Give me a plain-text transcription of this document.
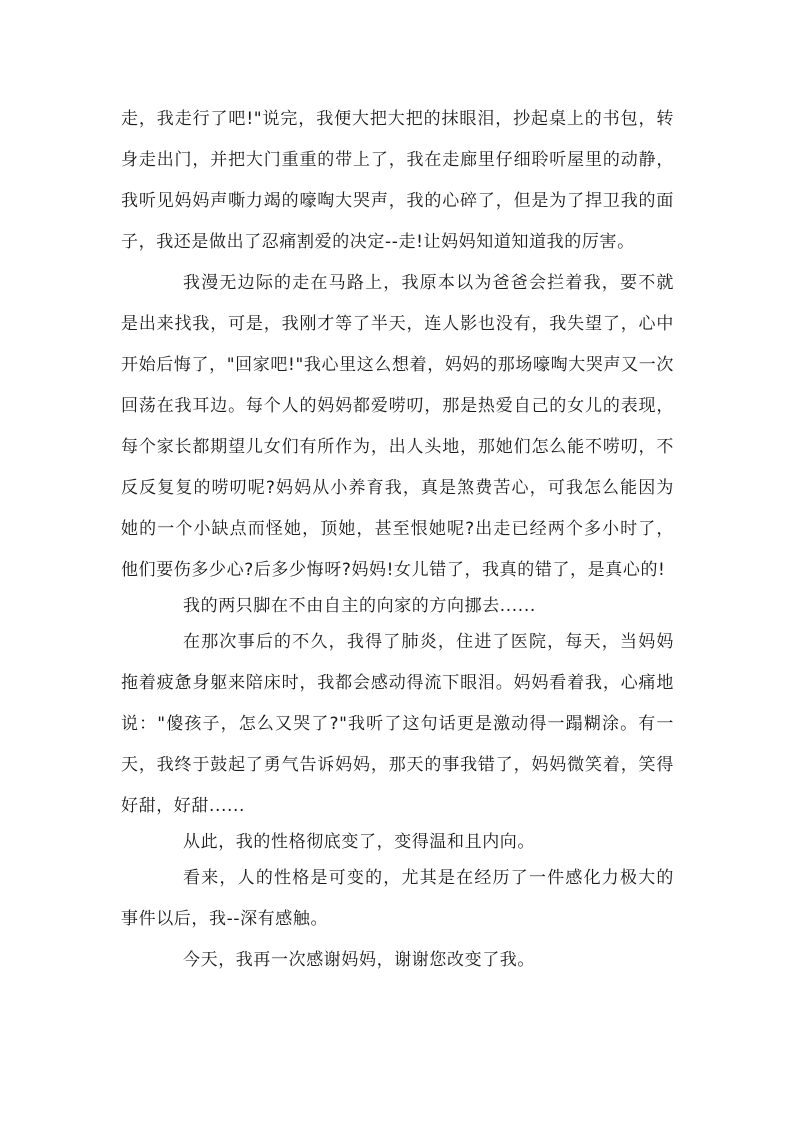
走，我走行了吧!"说完，我便大把大把的抹眼泪，抄起桌上的书包，转
身走出门，并把大门重重的带上了，我在走廊里仔细聆听屋里的动静，
我听见妈妈声嘶力竭的嚎啕大哭声，我的心碎了，但是为了捍卫我的面
子，我还是做出了忍痛割爱的决定--走!让妈妈知道知道我的厉害。
我漫无边际的走在马路上，我原本以为爸爸会拦着我，要不就
是出来找我，可是，我刚才等了半天，连人影也没有，我失望了，心中
开始后悔了，"回家吧!"我心里这么想着，妈妈的那场嚎啕大哭声又一次
回荡在我耳边。每个人的妈妈都爱唠叨，那是热爱自己的女儿的表现，
每个家长都期望儿女们有所作为，出人头地，那她们怎么能不唠叨，不
反反复复的唠叨呢?妈妈从小养育我，真是煞费苦心，可我怎么能因为
她的一个小缺点而怪她，顶她，甚至恨她呢?出走已经两个多小时了，
他们要伤多少心?后多少悔呀?妈妈!女儿错了，我真的错了，是真心的!
我的两只脚在不由自主的向家的方向挪去......
在那次事后的不久，我得了肺炎，住进了医院，每天，当妈妈
拖着疲惫身躯来陪床时，我都会感动得流下眼泪。妈妈看着我，心痛地
说："傻孩子，怎么又哭了?"我听了这句话更是激动得一蹋糊涂。有一
天，我终于鼓起了勇气告诉妈妈，那天的事我错了，妈妈微笑着，笑得
好甜，好甜......
从此，我的性格彻底变了，变得温和且内向。
看来，人的性格是可变的，尤其是在经历了一件感化力极大的
事件以后，我--深有感触。
今天，我再一次感谢妈妈，谢谢您改变了我。
